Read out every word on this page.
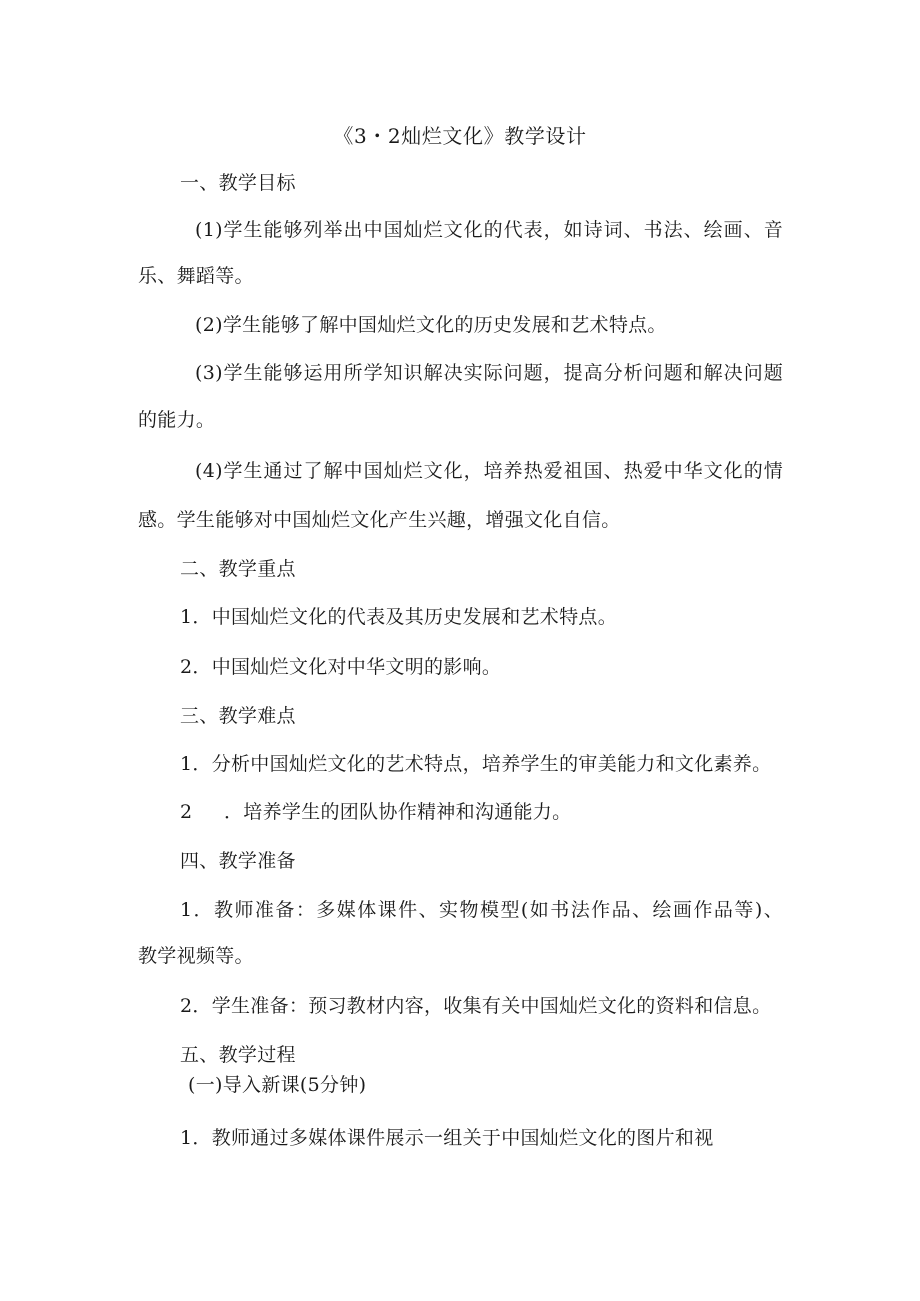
《3・2灿烂文化》教学设计
一、教学目标
(1)学生能够列举出中国灿烂文化的代表，如诗词、书法、绘画、音
乐、舞蹈等。
(2)学生能够了解中国灿烂文化的历史发展和艺术特点。
(3)学生能够运用所学知识解决实际问题，提高分析问题和解决问题
的能力。
(4)学生通过了解中国灿烂文化，培养热爱祖国、热爱中华文化的情
感。学生能够对中国灿烂文化产生兴趣，增强文化自信。
二、教学重点
1．中国灿烂文化的代表及其历史发展和艺术特点。
2．中国灿烂文化对中华文明的影响。
三、教学难点
1．分析中国灿烂文化的艺术特点，培养学生的审美能力和文化素养。
2 ．培养学生的团队协作精神和沟通能力。
四、教学准备
1．教师准备：多媒体课件、实物模型(如书法作品、绘画作品等)、
教学视频等。
2．学生准备：预习教材内容，收集有关中国灿烂文化的资料和信息。
五、教学过程
(一)导入新课(5分钟)
1．教师通过多媒体课件展示一组关于中国灿烂文化的图片和视
